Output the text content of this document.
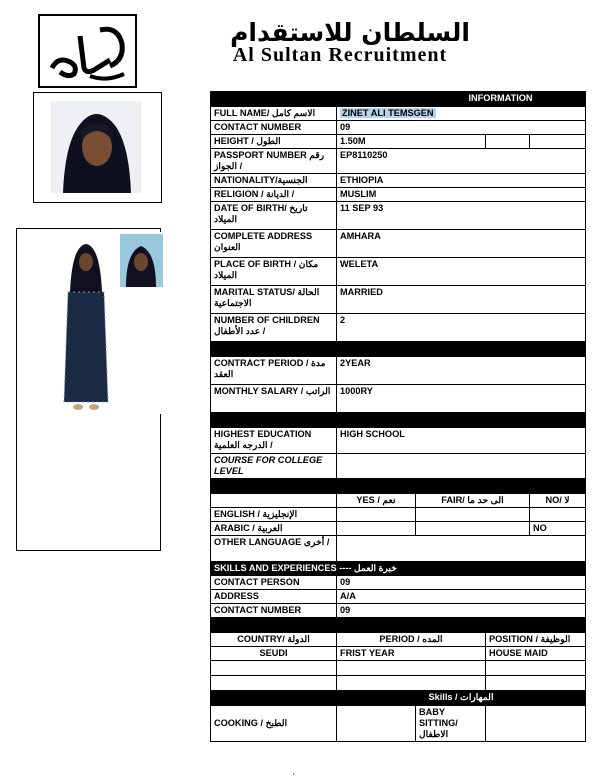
السلطان للاستقدام
Al Sultan Recruitment
		INFORMATION		
FULL NAME/ الاسم كامل	ZINET ALI TEMSGEN			
CONTACT NUMBER	09			
HEIGHT / الطول	1.50M			
PASSPORT NUMBER رقم الجواز /	EP8110250			
NATIONALITY/الجنسية	ETHIOPIA			
RELIGION / الديانة /	MUSLIM			
DATE OF BIRTH/ تاريخ الميلاد	11 SEP 93			
COMPLETE ADDRESS العنوان	AMHARA			
PLACE OF BIRTH / مكان الميلاد	WELETA			
MARITAL STATUS/ الحالة الاجتماعية	MARRIED			
NUMBER OF CHILDREN عدد الأطفال /	2			

CONTRACT PERIOD / مدة العقد	2YEAR			
MONTHLY SALARY / الراتب	1000RY			

HIGHEST EDUCATION الدرجه العلمية /	HIGH SCHOOL			
COURSE FOR COLLEGE LEVEL				

	YES / نعم	FAIR/ الى حد ما		NO/ لا
ENGLISH / الإنجليزية				
ARABIC / العربية				NO
OTHER LANGUAGE أخرى /				
SKILLS AND EXPERIENCES ---- خبرة العمل				
CONTACT PERSON	09			
ADDRESS	A/A			
CONTACT NUMBER	09			

COUNTRY/ الدولة	PERIOD / المده		POSITION / الوظيفة	
SEUDI	FRIST YEAR		HOUSE MAID	

	Skills / المهارات			
COOKING / الطبخ		BABY SITTING/ الاطفال		
'
